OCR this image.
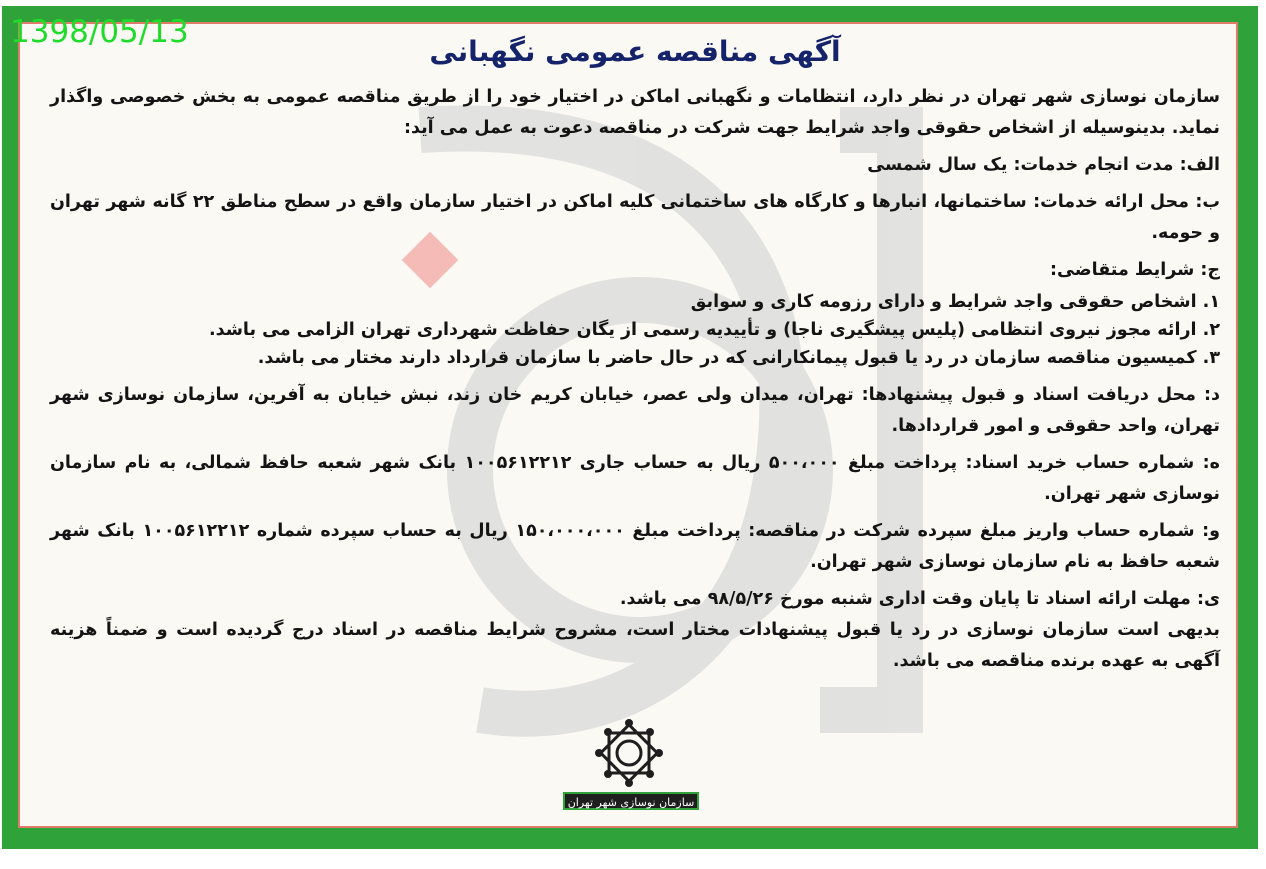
1398/05/13
آگهی مناقصه عمومی نگهبانی

سازمان نوسازی شهر تهران در نظر دارد، انتظامات و نگهبانی اماکن در اختیار خود را از طریق مناقصه عمومی به بخش خصوصی واگذار نماید. بدینوسیله از اشخاص حقوقی واجد شرایط جهت شرکت در مناقصه دعوت به عمل می آید:

الف: مدت انجام خدمات: یک سال شمسی

ب: محل ارائه خدمات: ساختمانها، انبارها و کارگاه های ساختمانی کلیه اماکن در اختیار سازمان واقع در سطح مناطق ۲۲ گانه شهر تهران و حومه.

ج: شرایط متقاضی:

۱. اشخاص حقوقی واجد شرایط و دارای رزومه کاری و سوابق

۲. ارائه مجوز نیروی انتظامی (پلیس پیشگیری ناجا) و تأییدیه رسمی از یگان حفاظت شهرداری تهران الزامی می باشد.

۳. کمیسیون مناقصه سازمان در رد یا قبول پیمانکارانی که در حال حاضر با سازمان قرارداد دارند مختار می باشد.

د: محل دریافت اسناد و قبول پیشنهادها: تهران، میدان ولی عصر، خیابان کریم خان زند، نبش خیابان به آفرین، سازمان نوسازی شهر تهران، واحد حقوقی و امور قراردادها.

ه: شماره حساب خرید اسناد: پرداخت مبلغ ۵۰۰،۰۰۰ ریال به حساب جاری ۱۰۰۵۶۱۲۲۱۲ بانک شهر شعبه حافظ شمالی، به نام سازمان نوسازی شهر تهران.

و: شماره حساب واریز مبلغ سپرده شرکت در مناقصه: پرداخت مبلغ ۱۵۰،۰۰۰،۰۰۰ ریال به حساب سپرده شماره ۱۰۰۵۶۱۲۲۱۲ بانک شهر شعبه حافظ به نام سازمان نوسازی شهر تهران.

ی: مهلت ارائه اسناد تا پایان وقت اداری شنبه مورخ ۹۸/۵/۲۶ می باشد.

بدیهی است سازمان نوسازی در رد یا قبول پیشنهادات مختار است، مشروح شرایط مناقصه در اسناد درج گردیده است و ضمناً هزینه آگهی به عهده برنده مناقصه می باشد.

سازمان نوسازی شهر تهران
